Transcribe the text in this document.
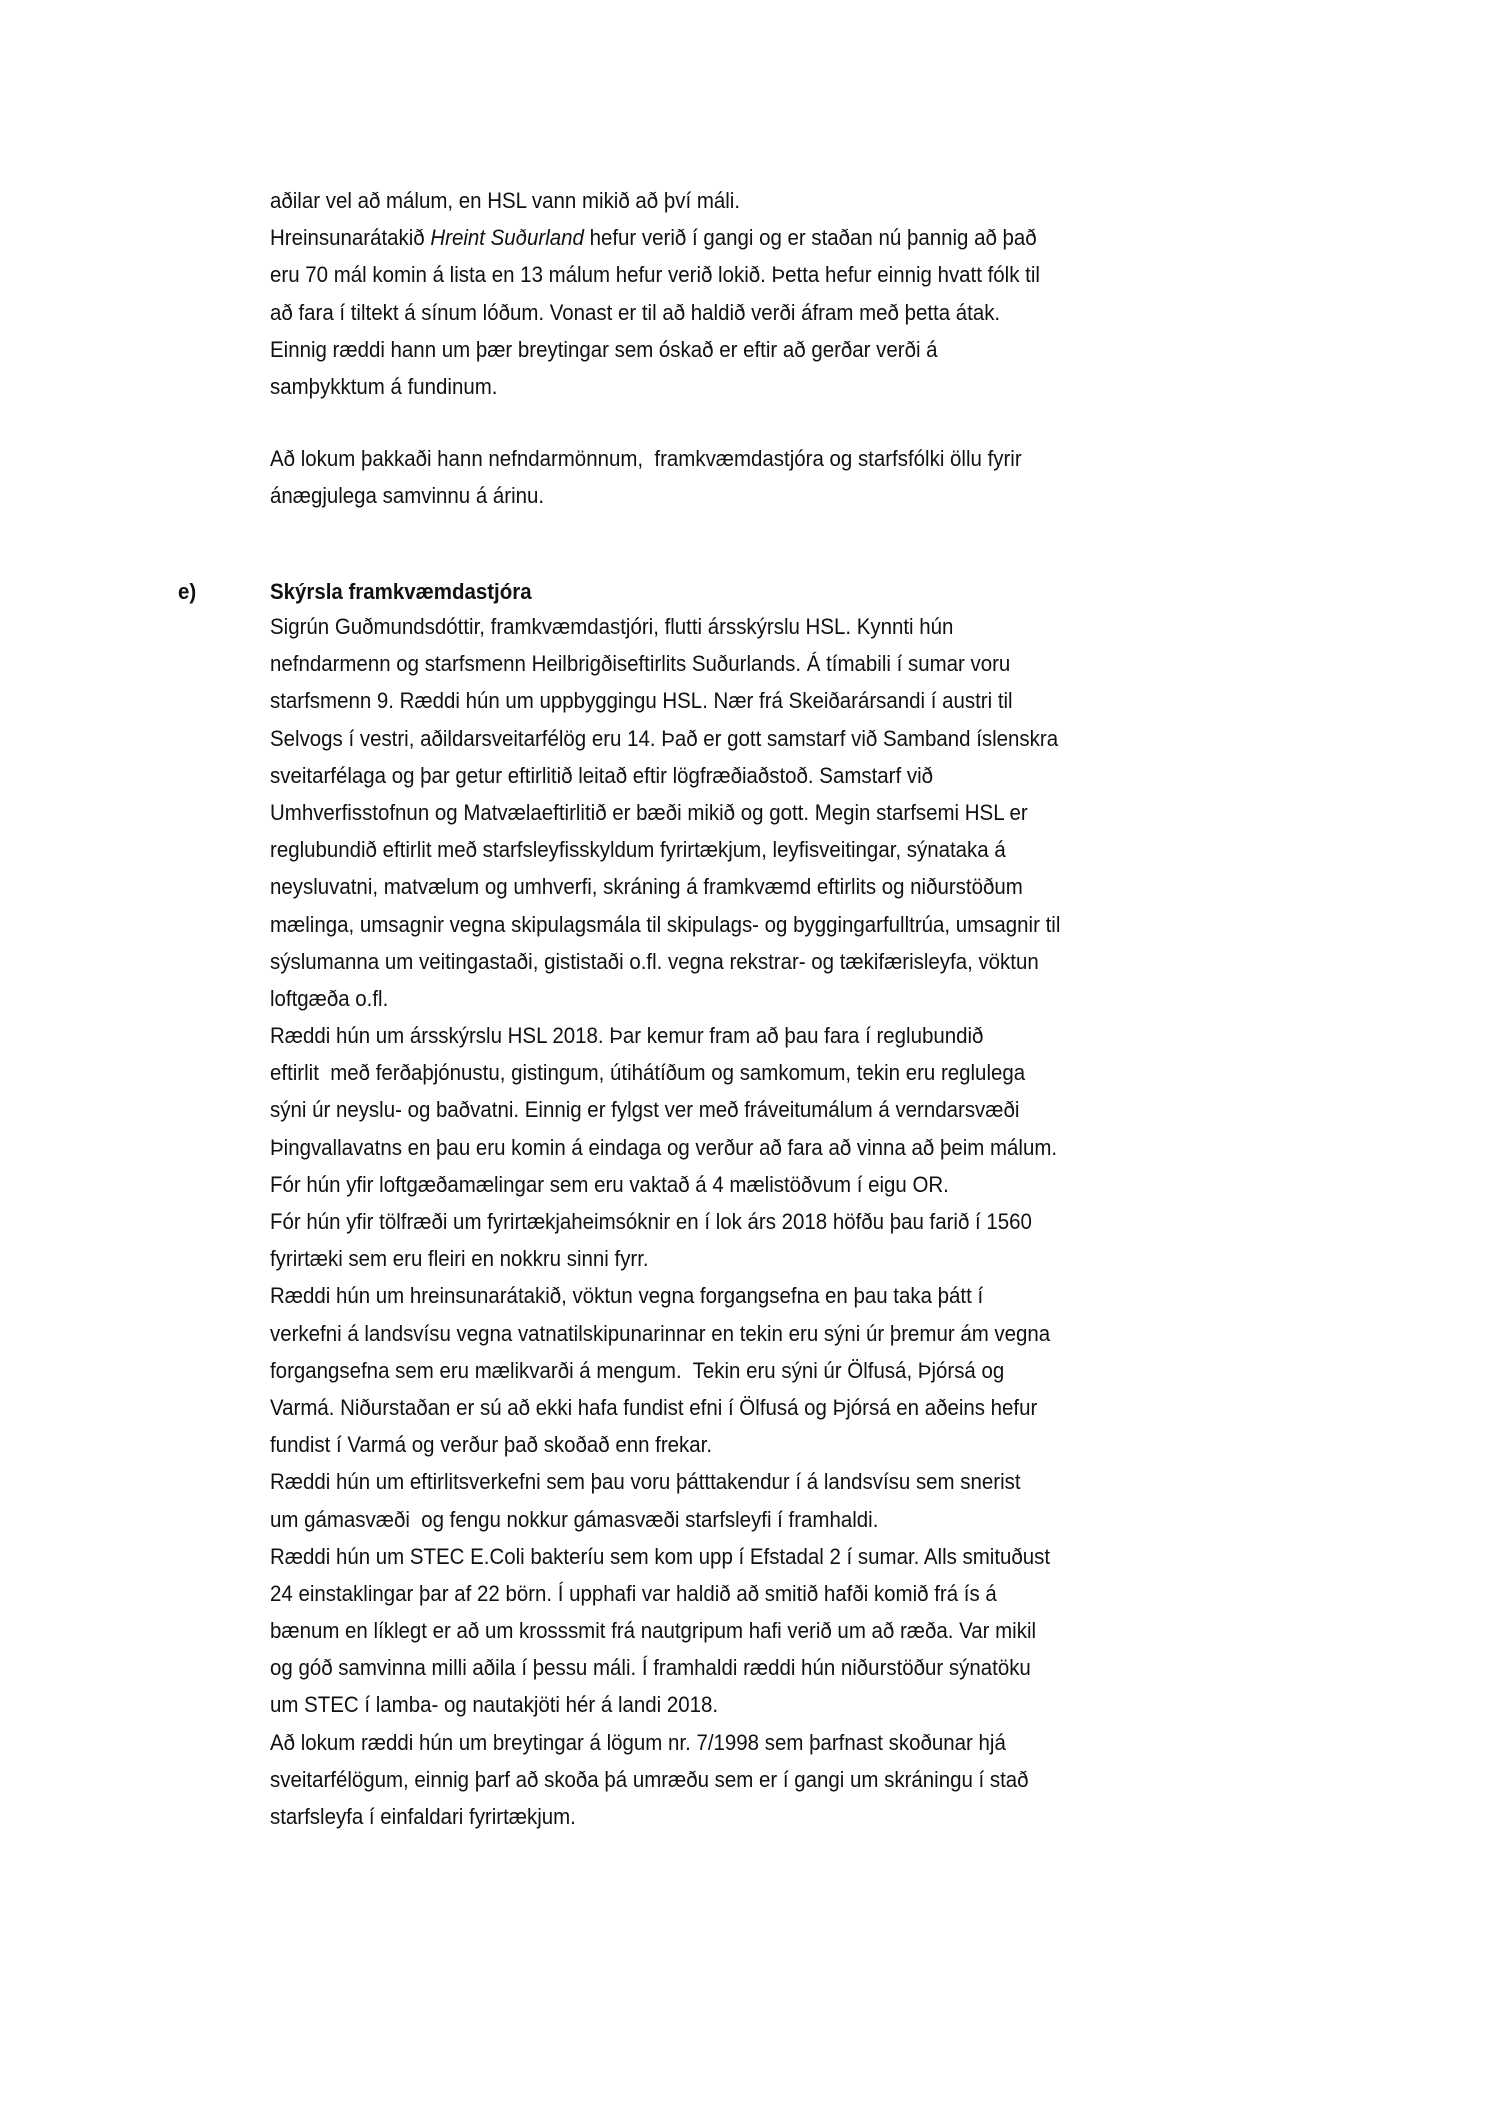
aðilar vel að málum, en HSL vann mikið að því máli.
Hreinsunarátakið Hreint Suðurland hefur verið í gangi og er staðan nú þannig að það
eru 70 mál komin á lista en 13 málum hefur verið lokið. Þetta hefur einnig hvatt fólk til
að fara í tiltekt á sínum lóðum. Vonast er til að haldið verði áfram með þetta átak.
Einnig ræddi hann um þær breytingar sem óskað er eftir að gerðar verði á
samþykktum á fundinum.
Að lokum þakkaði hann nefndarmönnum,  framkvæmdastjóra og starfsfólki öllu fyrir
ánægjulega samvinnu á árinu.
e)	Skýrsla framkvæmdastjóra
Sigrún Guðmundsdóttir, framkvæmdastjóri, flutti ársskýrslu HSL. Kynnti hún
nefndarmenn og starfsmenn Heilbrigðiseftirlits Suðurlands. Á tímabili í sumar voru
starfsmenn 9. Ræddi hún um uppbyggingu HSL. Nær frá Skeiðarársandi í austri til
Selvogs í vestri, aðildarsveitarfélög eru 14. Það er gott samstarf við Samband íslenskra
sveitarfélaga og þar getur eftirlitið leitað eftir lögfræðiaðstoð. Samstarf við
Umhverfisstofnun og Matvælaeftirlitið er bæði mikið og gott. Megin starfsemi HSL er
reglubundið eftirlit með starfsleyfisskyldum fyrirtækjum, leyfisveitingar, sýnataka á
neysluvatni, matvælum og umhverfi, skráning á framkvæmd eftirlits og niðurstöðum
mælinga, umsagnir vegna skipulagsmála til skipulags- og byggingarfulltrúa, umsagnir til
sýslumanna um veitingastaði, gististaði o.fl. vegna rekstrar- og tækifærisleyfa, vöktun
loftgæða o.fl.
Ræddi hún um ársskýrslu HSL 2018. Þar kemur fram að þau fara í reglubundið
eftirlit  með ferðaþjónustu, gistingum, útihátíðum og samkomum, tekin eru reglulega
sýni úr neyslu- og baðvatni. Einnig er fylgst ver með fráveitumálum á verndarsvæði
Þingvallavatns en þau eru komin á eindaga og verður að fara að vinna að þeim málum.
Fór hún yfir loftgæðamælingar sem eru vaktað á 4 mælistöðvum í eigu OR.
Fór hún yfir tölfræði um fyrirtækjaheimsóknir en í lok árs 2018 höfðu þau farið í 1560
fyrirtæki sem eru fleiri en nokkru sinni fyrr.
Ræddi hún um hreinsunarátakið, vöktun vegna forgangsefna en þau taka þátt í
verkefni á landsvísu vegna vatnatilskipunarinnar en tekin eru sýni úr þremur ám vegna
forgangsefna sem eru mælikvarði á mengum.  Tekin eru sýni úr Ölfusá, Þjórsá og
Varmá. Niðurstaðan er sú að ekki hafa fundist efni í Ölfusá og Þjórsá en aðeins hefur
fundist í Varmá og verður það skoðað enn frekar.
Ræddi hún um eftirlitsverkefni sem þau voru þátttakendur í á landsvísu sem snerist
um gámasvæði  og fengu nokkur gámasvæði starfsleyfi í framhaldi.
Ræddi hún um STEC E.Coli bakteríu sem kom upp í Efstadal 2 í sumar. Alls smituðust
24 einstaklingar þar af 22 börn. Í upphafi var haldið að smitið hafði komið frá ís á
bænum en líklegt er að um krosssmit frá nautgripum hafi verið um að ræða. Var mikil
og góð samvinna milli aðila í þessu máli. Í framhaldi ræddi hún niðurstöður sýnatöku
um STEC í lamba- og nautakjöti hér á landi 2018.
Að lokum ræddi hún um breytingar á lögum nr. 7/1998 sem þarfnast skoðunar hjá
sveitarfélögum, einnig þarf að skoða þá umræðu sem er í gangi um skráningu í stað
starfsleyfa í einfaldari fyrirtækjum.
